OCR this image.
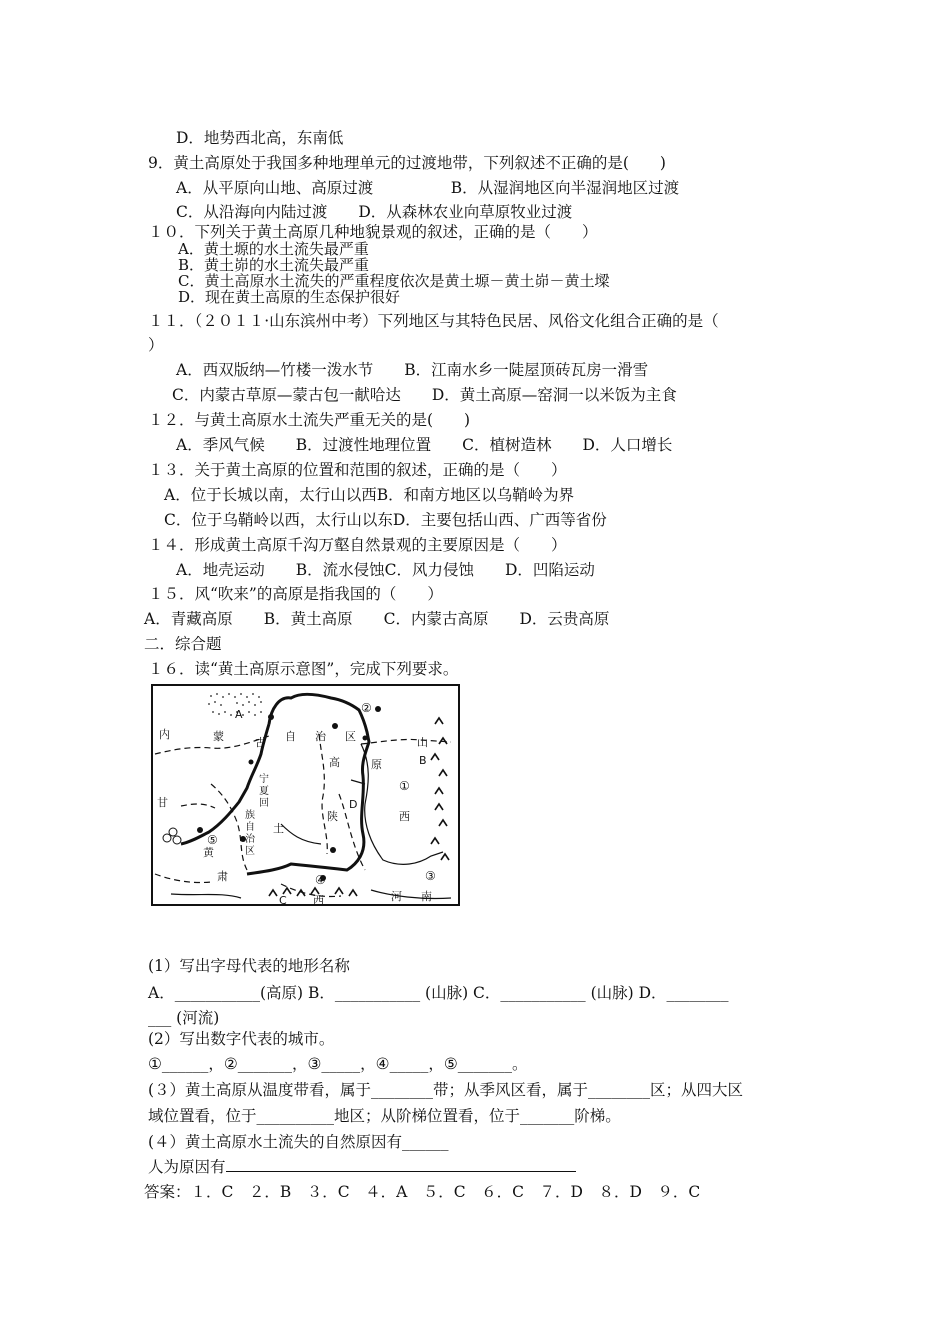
D．地势西北高，东南低
9．黄土高原处于我国多种地理单元的过渡地带，下列叙述不正确的是(　　)
A．从平原向山地、高原过渡　　　　　B．从湿润地区向半湿润地区过渡
C．从沿海向内陆过渡　　D．从森林农业向草原牧业过渡
１０．下列关于黄土高原几种地貌景观的叙述，正确的是（　　）
A．黄土塬的水土流失最严重
B．黄土峁的水土流失最严重
C．黄土高原水土流失的严重程度依次是黄土塬－黄土峁－黄土墚
D．现在黄土高原的生态保护很好
１１．（２０１１·山东滨州中考）下列地区与其特色民居、风俗文化组合正确的是（
）
A．西双版纳—竹楼一泼水节　　B．江南水乡一陡屋顶砖瓦房一滑雪
C．内蒙古草原—蒙古包一献哈达　　D．黄土高原—窑洞一以米饭为主食
１２．与黄土高原水土流失严重无关的是(　　)
A．季风气候　　B．过渡性地理位置　　C．植树造林　　D．人口增长
１３．关于黄土高原的位置和范围的叙述，正确的是（　　）
A．位于长城以南，太行山以西B．和南方地区以乌鞘岭为界
C．位于乌鞘岭以西，太行山以东D．主要包括山西、广西等省份
１４．形成黄土高原千沟万壑自然景观的主要原因是（　　）
A．地壳运动　　B．流水侵蚀C．风力侵蚀　　D．凹陷运动
１５．风“吹来”的高原是指我国的（　　）
A．青藏高原　　B．黄土高原　　C．内蒙古高原　　D．云贵高原
二．综合题
１６．读“黄土高原示意图”，完成下列要求。
A
B
C
D
①
②
③
④
⑤
内	蒙	古 自 治 区
原
山
西
高
陕
甘
宁
夏
回
族
自
治
区
土
黄
肃
西	河 南
(1）写出字母代表的地形名称
A．___________(高原) B．___________ (山脉) C．___________ (山脉) D．________
___ (河流)
(2）写出数字代表的城市。
①______，②_______，③_____，④_____，⑤_______。
(３）黄土高原从温度带看，属于________带；从季风区看，属于________区；从四大区
域位置看，位于__________地区；从阶梯位置看，位于_______阶梯。
(４）黄土高原水土流失的自然原因有______
人为原因有
答案：１．C　２．B　３．C　４．A　５．C　６．C　７．D　８．D　９．C
